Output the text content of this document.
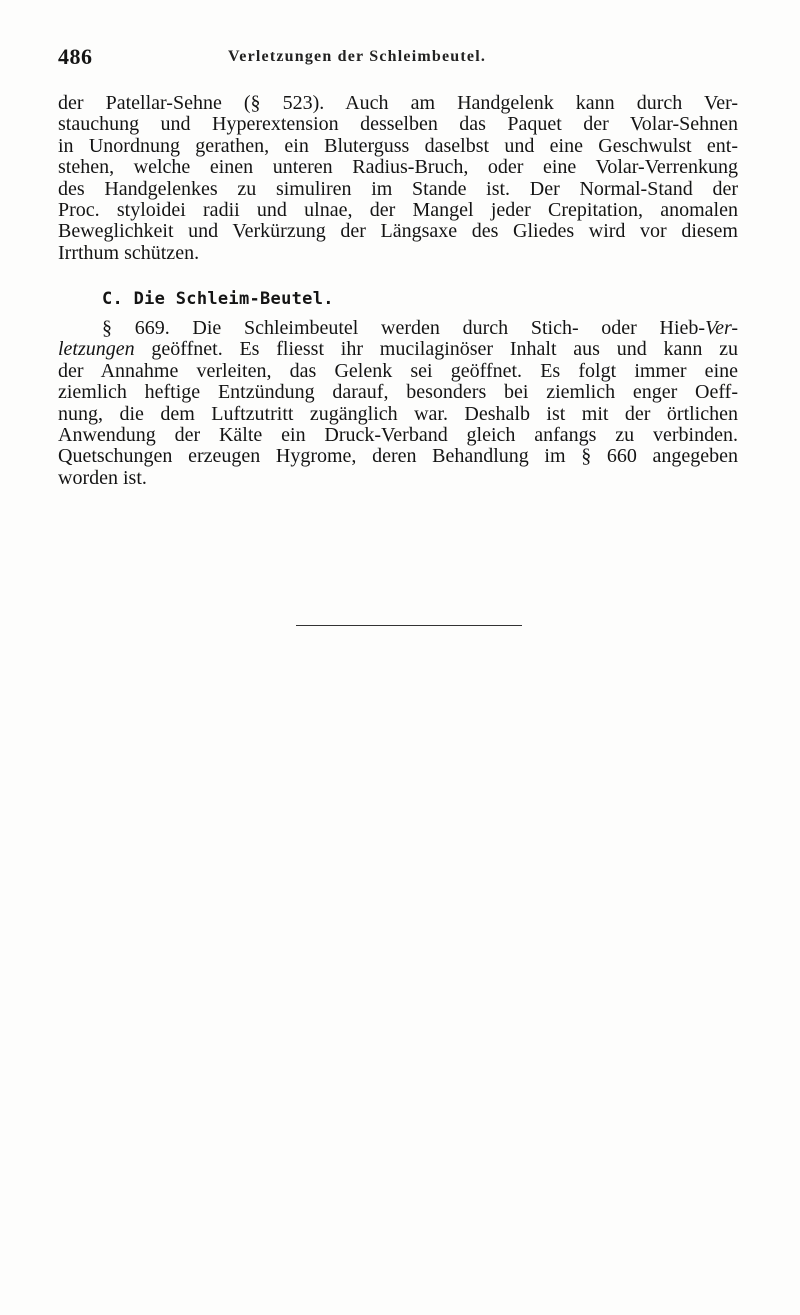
486	Verletzungen der Schleimbeutel.
der Patellar-Sehne (§ 523). Auch am Handgelenk kann durch Ver-
stauchung und Hyperextension desselben das Paquet der Volar-Sehnen
in Unordnung gerathen, ein Bluterguss daselbst und eine Geschwulst ent-
stehen, welche einen unteren Radius-Bruch, oder eine Volar-Verrenkung
des Handgelenkes zu simuliren im Stande ist. Der Normal-Stand der
Proc. styloidei radii und ulnae, der Mangel jeder Crepitation, anomalen
Beweglichkeit und Verkürzung der Längsaxe des Gliedes wird vor diesem
Irrthum schützen.
C. Die Schleim-Beutel.
§ 669. Die Schleimbeutel werden durch Stich- oder Hieb-Ver-
letzungen geöffnet. Es fliesst ihr mucilaginöser Inhalt aus und kann zu
der Annahme verleiten, das Gelenk sei geöffnet. Es folgt immer eine
ziemlich heftige Entzündung darauf, besonders bei ziemlich enger Oeff-
nung, die dem Luftzutritt zugänglich war. Deshalb ist mit der örtlichen
Anwendung der Kälte ein Druck-Verband gleich anfangs zu verbinden.
Quetschungen erzeugen Hygrome, deren Behandlung im § 660 angegeben
worden ist.
